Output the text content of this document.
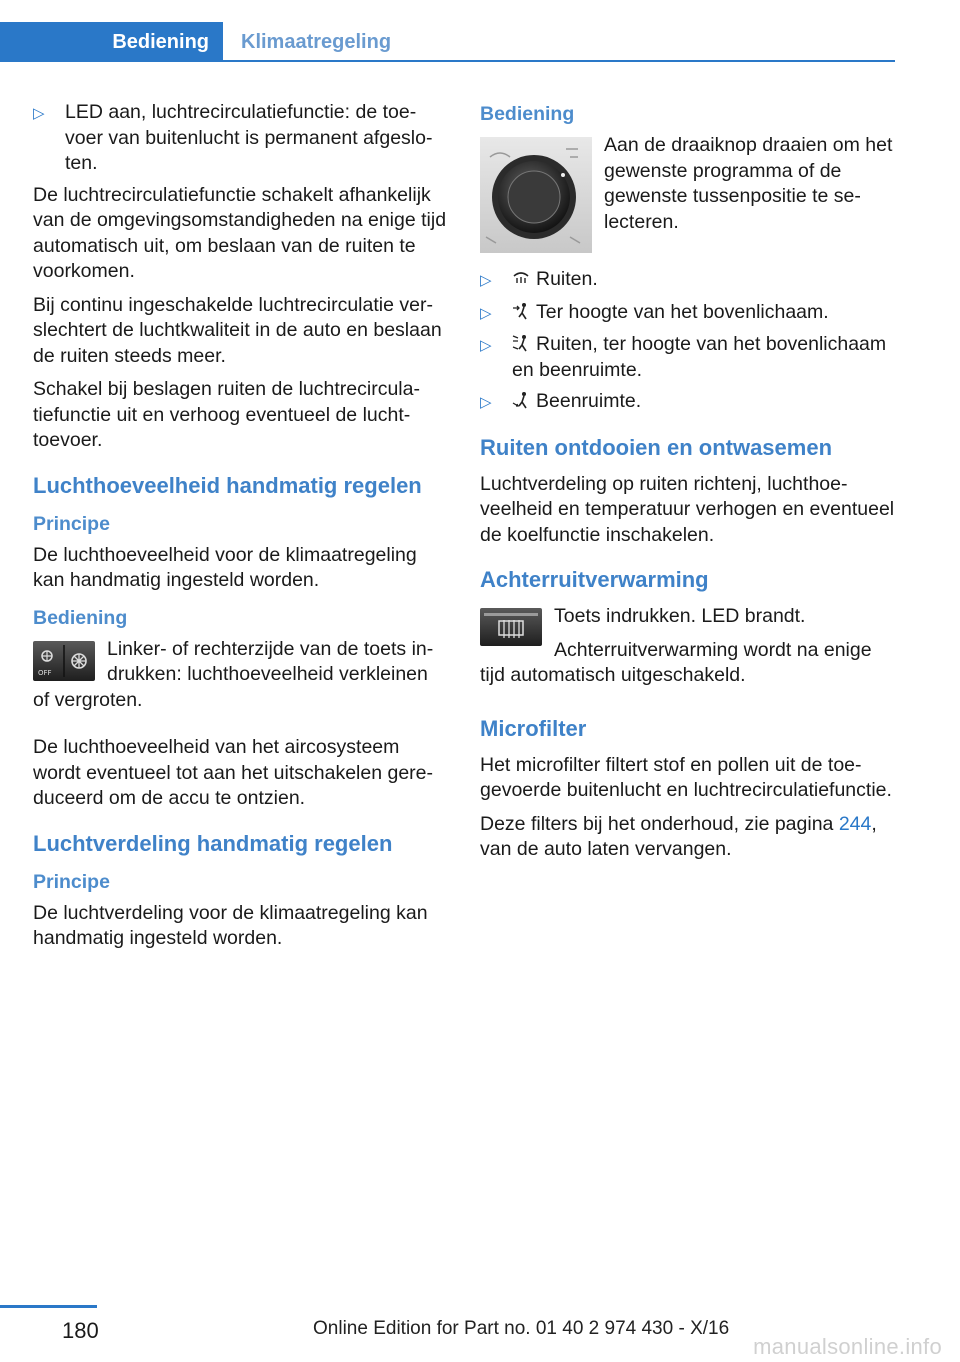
Bediening	Klimaatregeling
▷	LED aan, luchtrecirculatiefunctie: de toevoer van buitenlucht is permanent afgesloten.

De luchtrecirculatiefunctie schakelt afhankelijk van de omgevingsomstandigheden na enige tijd automatisch uit, om beslaan van de ruiten te voorkomen.

Bij continu ingeschakelde luchtrecirculatie verslechtert de luchtkwaliteit in de auto en beslaan de ruiten steeds meer.

Schakel bij beslagen ruiten de luchtrecirculatiefunctie uit en verhoog eventueel de luchttoevoer.

Luchthoeveelheid handmatig regelen
Principe

De luchthoeveelheid voor de klimaatregeling kan handmatig ingesteld worden.

Bediening
OFF

Linker- of rechterzijde van de toets indrukken: luchthoeveelheid verkleinen of vergroten.

De luchthoeveelheid van het aircosysteem wordt eventueel tot aan het uitschakelen gereduceerd om de accu te ontzien.

Luchtverdeling handmatig regelen
Principe

De luchtverdeling voor de klimaatregeling kan handmatig ingesteld worden.

Bediening

Aan de draaiknop draaien om het gewenste programma of de gewenste tussenpositie te selecteren.

▷	Ruiten.
▷	Ter hoogte van het bovenlichaam.
▷	Ruiten, ter hoogte van het bovenlichaam en beenruimte.
▷	Beenruimte.
Ruiten ontdooien en ontwasemen

Luchtverdeling op ruiten richtenj, luchthoeveelheid en temperatuur verhogen en eventueel de koelfunctie inschakelen.

Achterruitverwarming

Toets indrukken. LED brandt.

Achterruitverwarming wordt na enige tijd automatisch uitgeschakeld.

Microfilter

Het microfilter filtert stof en pollen uit de toegevoerde buitenlucht en luchtrecirculatiefunctie.

Deze filters bij het onderhoud, zie pagina 244,
van de auto laten vervangen.

180	Online Edition for Part no. 01 40 2 974 430 - X/16
manualsonline.info
